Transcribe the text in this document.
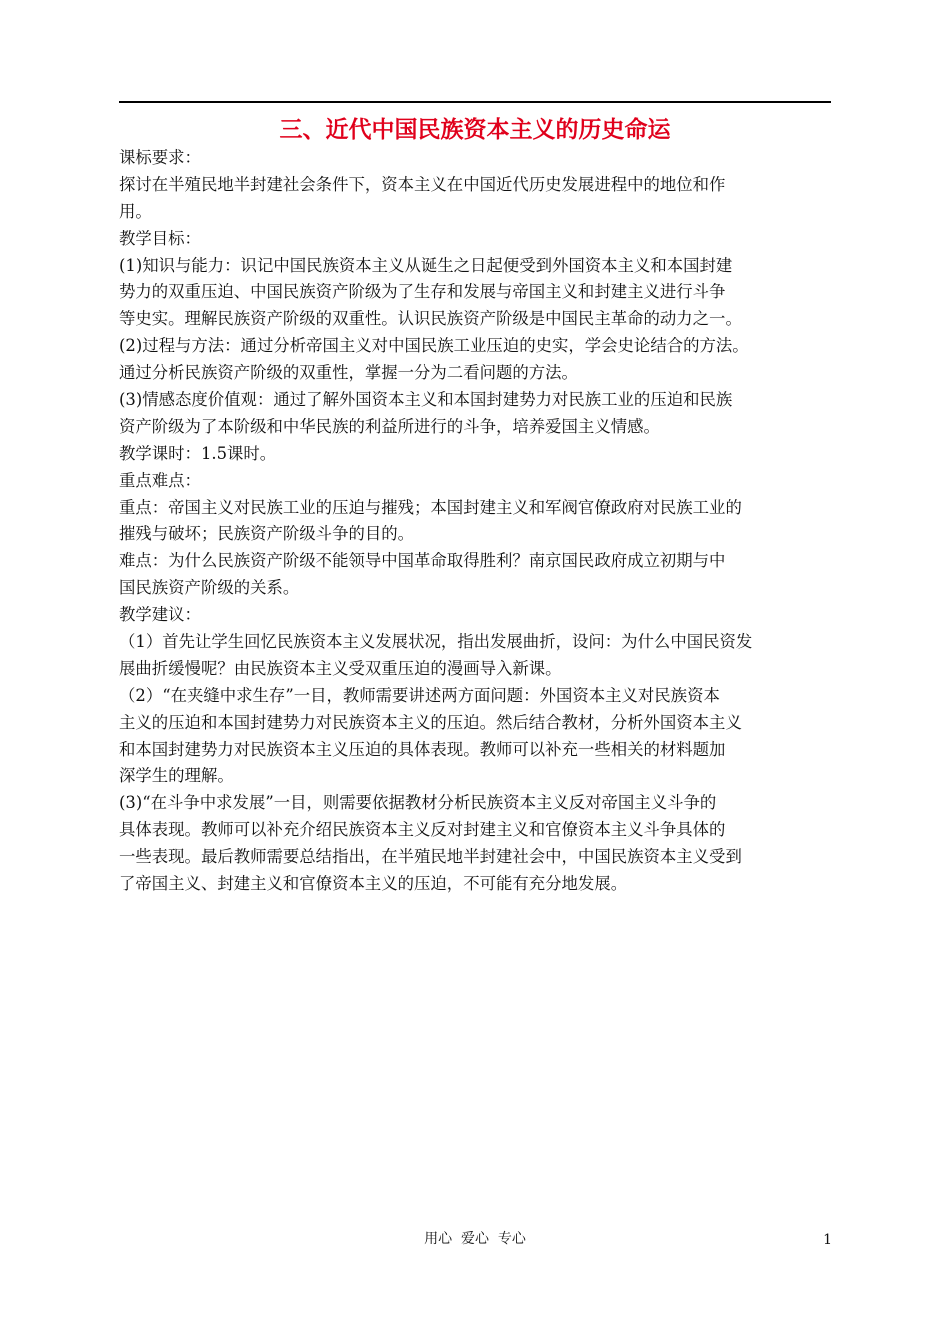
三、近代中国民族资本主义的历史命运
课标要求：
探讨在半殖民地半封建社会条件下，资本主义在中国近代历史发展进程中的地位和作
用。
教学目标：
(1)知识与能力：识记中国民族资本主义从诞生之日起便受到外国资本主义和本国封建
势力的双重压迫、中国民族资产阶级为了生存和发展与帝国主义和封建主义进行斗争
等史实。理解民族资产阶级的双重性。认识民族资产阶级是中国民主革命的动力之一。
(2)过程与方法：通过分析帝国主义对中国民族工业压迫的史实，学会史论结合的方法。
通过分析民族资产阶级的双重性，掌握一分为二看问题的方法。
(3)情感态度价值观：通过了解外国资本主义和本国封建势力对民族工业的压迫和民族
资产阶级为了本阶级和中华民族的利益所进行的斗争，培养爱国主义情感。
教学课时：1.5课时。
重点难点：
重点：帝国主义对民族工业的压迫与摧残；本国封建主义和军阀官僚政府对民族工业的
摧残与破坏；民族资产阶级斗争的目的。
难点：为什么民族资产阶级不能领导中国革命取得胜利？南京国民政府成立初期与中
国民族资产阶级的关系。
教学建议：
（1）首先让学生回忆民族资本主义发展状况，指出发展曲折，设问：为什么中国民资发
展曲折缓慢呢？由民族资本主义受双重压迫的漫画导入新课。
（2）“在夹缝中求生存”一目，教师需要讲述两方面问题：外国资本主义对民族资本
主义的压迫和本国封建势力对民族资本主义的压迫。然后结合教材，分析外国资本主义
和本国封建势力对民族资本主义压迫的具体表现。教师可以补充一些相关的材料题加
深学生的理解。
(3)“在斗争中求发展”一目，则需要依据教材分析民族资本主义反对帝国主义斗争的
具体表现。教师可以补充介绍民族资本主义反对封建主义和官僚资本主义斗争具体的
一些表现。最后教师需要总结指出，在半殖民地半封建社会中，中国民族资本主义受到
了帝国主义、封建主义和官僚资本主义的压迫，不可能有充分地发展。
用心  爱心  专心	1
